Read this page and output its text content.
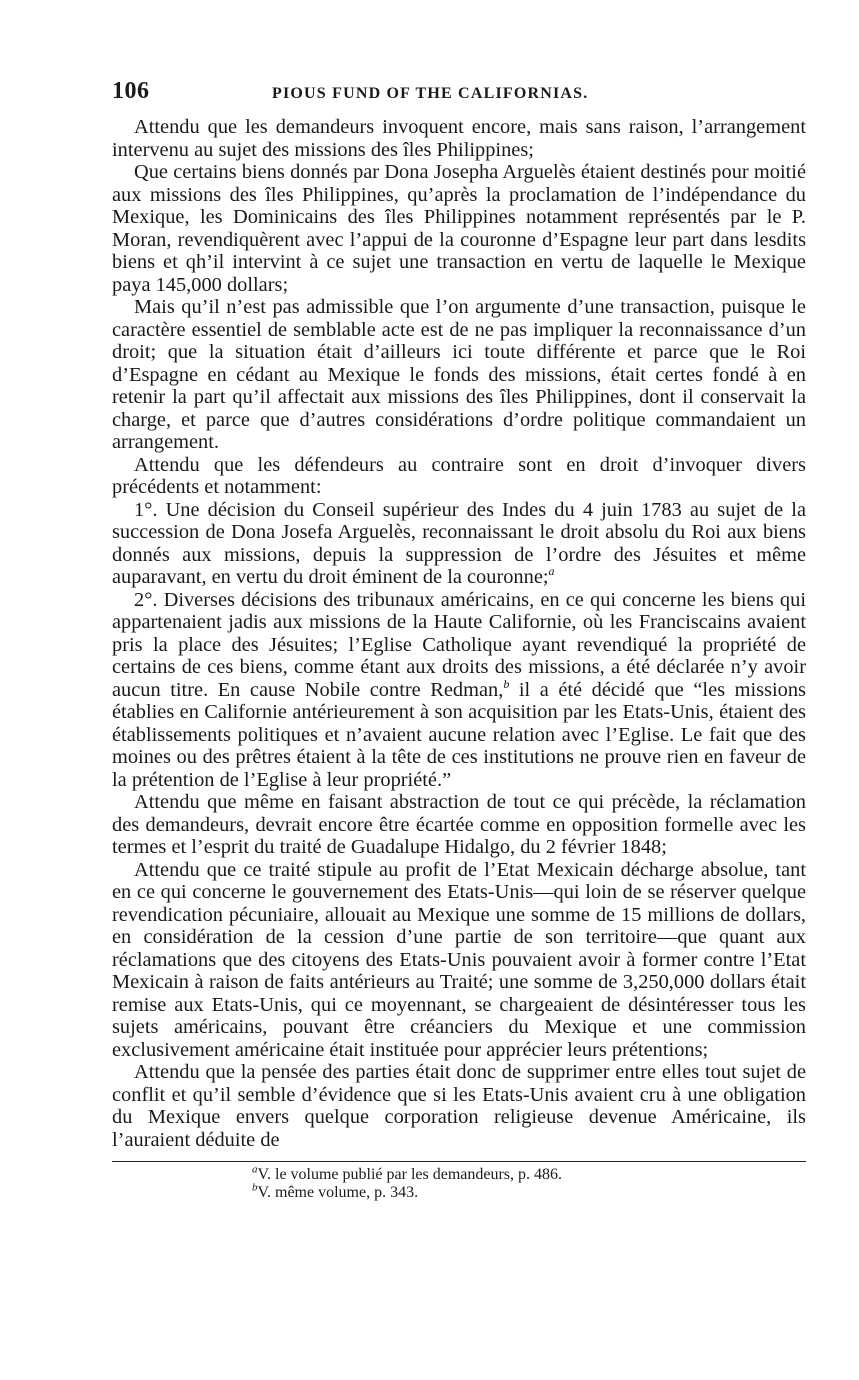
106	PIOUS FUND OF THE CALIFORNIAS.

Attendu que les demandeurs invoquent encore, mais sans raison, l’arrangement intervenu au sujet des missions des îles Philippines;

Que certains biens donnés par Dona Josepha Arguelès étaient destinés pour moitié aux missions des îles Philippines, qu’après la proclamation de l’indépendance du Mexique, les Dominicains des îles Philippines notamment représentés par le P. Moran, revendiquèrent avec l’appui de la couronne d’Espagne leur part dans lesdits biens et qh’il intervint à ce sujet une transaction en vertu de laquelle le Mexique paya 145,000 dollars;

Mais qu’il n’est pas admissible que l’on argumente d’une transaction, puisque le caractère essentiel de semblable acte est de ne pas impliquer la reconnaissance d’un droit; que la situation était d’ailleurs ici toute différente et parce que le Roi d’Espagne en cédant au Mexique le fonds des missions, était certes fondé à en retenir la part qu’il affectait aux missions des îles Philippines, dont il conservait la charge, et parce que d’autres considérations d’ordre politique commandaient un arrangement.

Attendu que les défendeurs au contraire sont en droit d’invoquer divers précédents et notamment:

1°. Une décision du Conseil supérieur des Indes du 4 juin 1783 au sujet de la succession de Dona Josefa Arguelès, reconnaissant le droit absolu du Roi aux biens donnés aux missions, depuis la suppression de l’ordre des Jésuites et même auparavant, en vertu du droit éminent de la couronne;$^a$

2°. Diverses décisions des tribunaux américains, en ce qui concerne les biens qui appartenaient jadis aux missions de la Haute Californie, où les Franciscains avaient pris la place des Jésuites; l’Eglise Catholique ayant revendiqué la propriété de certains de ces biens, comme étant aux droits des missions, a été déclarée n’y avoir aucun titre. En cause Nobile contre Redman,$^b$ il a été décidé que “les missions établies en Californie antérieurement à son acquisition par les Etats-Unis, étaient des établissements politiques et n’avaient aucune relation avec l’Eglise. Le fait que des moines ou des prêtres étaient à la tête de ces institutions ne prouve rien en faveur de la prétention de l’Eglise à leur propriété.”

Attendu que même en faisant abstraction de tout ce qui précède, la réclamation des demandeurs, devrait encore être écartée comme en opposition formelle avec les termes et l’esprit du traité de Guadalupe Hidalgo, du 2 février 1848;

Attendu que ce traité stipule au profit de l’Etat Mexicain décharge absolue, tant en ce qui concerne le gouvernement des Etats-Unis—qui loin de se réserver quelque revendication pécuniaire, allouait au Mexique une somme de 15 millions de dollars, en considération de la cession d’une partie de son territoire—que quant aux réclamations que des citoyens des Etats-Unis pouvaient avoir à former contre l’Etat Mexicain à raison de faits antérieurs au Traité; une somme de 3,250,000 dollars était remise aux Etats-Unis, qui ce moyennant, se chargeaient de désintéresser tous les sujets américains, pouvant être créanciers du Mexique et une commission exclusivement américaine était instituée pour apprécier leurs prétentions;

Attendu que la pensée des parties était donc de supprimer entre elles tout sujet de conflit et qu’il semble d’évidence que si les Etats-Unis avaient cru à une obligation du Mexique envers quelque corporation religieuse devenue Américaine, ils l’auraient déduite de

$^a$V. le volume publié par les demandeurs, p. 486.

$^b$V. même volume, p. 343.
